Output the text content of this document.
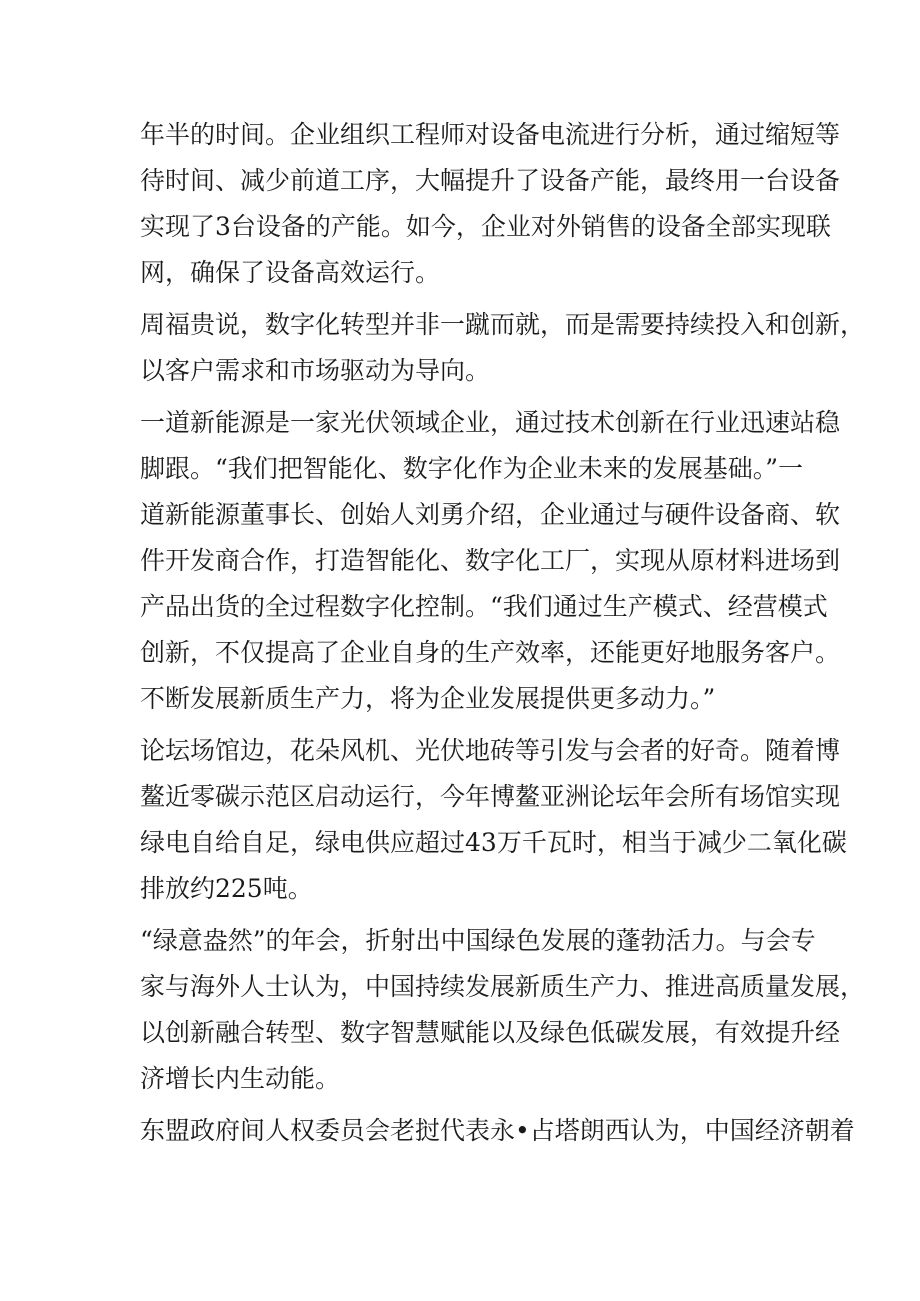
年半的时间。企业组织工程师对设备电流进行分析，通过缩短等
待时间、减少前道工序，大幅提升了设备产能，最终用一台设备
实现了3台设备的产能。如今，企业对外销售的设备全部实现联
网，确保了设备高效运行。
周福贵说，数字化转型并非一蹴而就，而是需要持续投入和创新，
以客户需求和市场驱动为导向。
一道新能源是一家光伏领域企业，通过技术创新在行业迅速站稳
脚跟。“我们把智能化、数字化作为企业未来的发展基础。”一
道新能源董事长、创始人刘勇介绍，企业通过与硬件设备商、软
件开发商合作，打造智能化、数字化工厂，实现从原材料进场到
产品出货的全过程数字化控制。“我们通过生产模式、经营模式
创新，不仅提高了企业自身的生产效率，还能更好地服务客户。
不断发展新质生产力，将为企业发展提供更多动力。”
论坛场馆边，花朵风机、光伏地砖等引发与会者的好奇。随着博
鳌近零碳示范区启动运行，今年博鳌亚洲论坛年会所有场馆实现
绿电自给自足，绿电供应超过43万千瓦时，相当于减少二氧化碳
排放约225吨。
“绿意盎然”的年会，折射出中国绿色发展的蓬勃活力。与会专
家与海外人士认为，中国持续发展新质生产力、推进高质量发展，
以创新融合转型、数字智慧赋能以及绿色低碳发展，有效提升经
济增长内生动能。
东盟政府间人权委员会老挝代表永•占塔朗西认为，中国经济朝着
